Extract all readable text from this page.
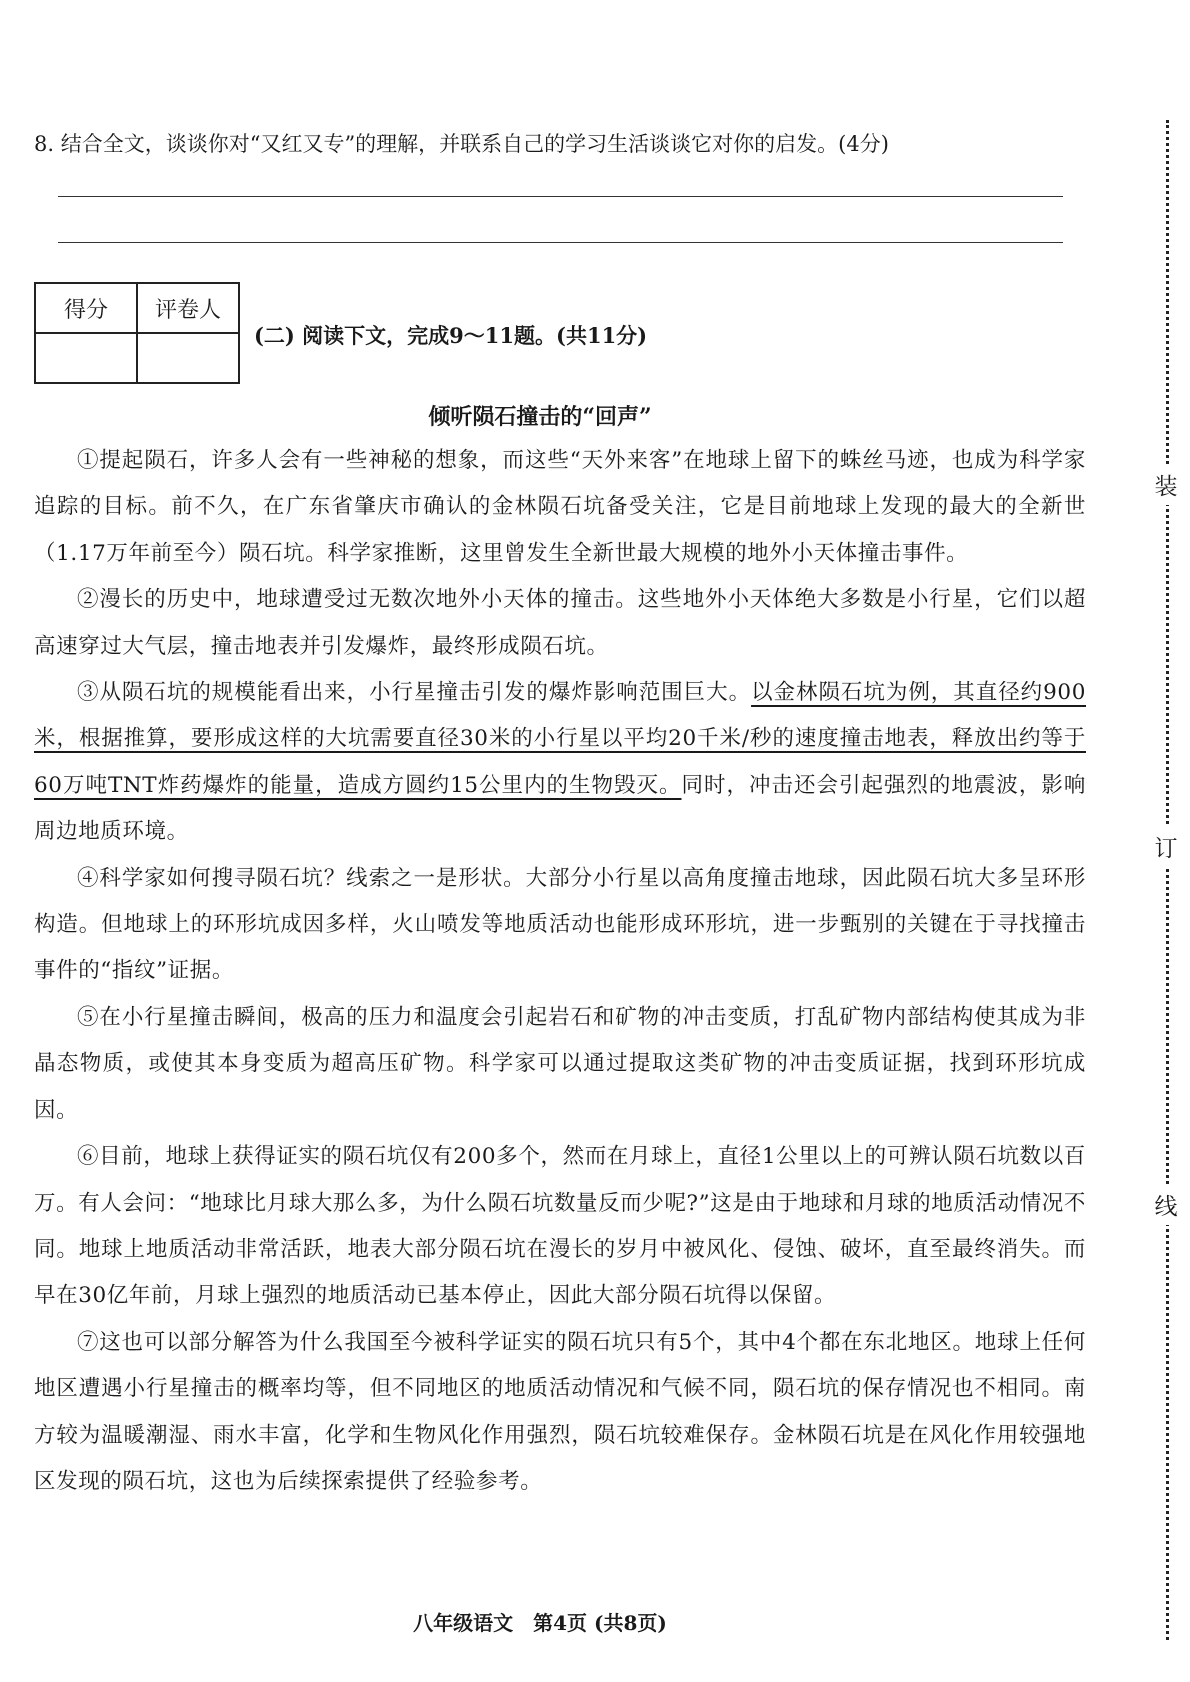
8. 结合全文，谈谈你对“又红又专”的理解，并联系自己的学习生活谈谈它对你的启发。(4分)
得分	评卷人

(二) 阅读下文，完成9～11题。(共11分)
倾听陨石撞击的“回声”

①提起陨石，许多人会有一些神秘的想象，而这些“天外来客”在地球上留下的蛛丝马迹，也成为科学家追踪的目标。前不久，在广东省肇庆市确认的金林陨石坑备受关注，它是目前地球上发现的最大的全新世（1.17万年前至今）陨石坑。科学家推断，这里曾发生全新世最大规模的地外小天体撞击事件。

②漫长的历史中，地球遭受过无数次地外小天体的撞击。这些地外小天体绝大多数是小行星，它们以超高速穿过大气层，撞击地表并引发爆炸，最终形成陨石坑。

③从陨石坑的规模能看出来，小行星撞击引发的爆炸影响范围巨大。以金林陨石坑为例，其直径约900米，根据推算，要形成这样的大坑需要直径30米的小行星以平均20千米/秒的速度撞击地表，释放出约等于60万吨TNT炸药爆炸的能量，造成方圆约15公里内的生物毁灭。同时，冲击还会引起强烈的地震波，影响周边地质环境。

④科学家如何搜寻陨石坑？线索之一是形状。大部分小行星以高角度撞击地球，因此陨石坑大多呈环形构造。但地球上的环形坑成因多样，火山喷发等地质活动也能形成环形坑，进一步甄别的关键在于寻找撞击事件的“指纹”证据。

⑤在小行星撞击瞬间，极高的压力和温度会引起岩石和矿物的冲击变质，打乱矿物内部结构使其成为非晶态物质，或使其本身变质为超高压矿物。科学家可以通过提取这类矿物的冲击变质证据，找到环形坑成因。

⑥目前，地球上获得证实的陨石坑仅有200多个，然而在月球上，直径1公里以上的可辨认陨石坑数以百万。有人会问：“地球比月球大那么多，为什么陨石坑数量反而少呢?”这是由于地球和月球的地质活动情况不同。地球上地质活动非常活跃，地表大部分陨石坑在漫长的岁月中被风化、侵蚀、破坏，直至最终消失。而早在30亿年前，月球上强烈的地质活动已基本停止，因此大部分陨石坑得以保留。

⑦这也可以部分解答为什么我国至今被科学证实的陨石坑只有5个，其中4个都在东北地区。地球上任何地区遭遇小行星撞击的概率均等，但不同地区的地质活动情况和气候不同，陨石坑的保存情况也不相同。南方较为温暖潮湿、雨水丰富，化学和生物风化作用强烈，陨石坑较难保存。金林陨石坑是在风化作用较强地区发现的陨石坑，这也为后续探索提供了经验参考。

八年级语文　第4页 (共8页)
装
订
线
